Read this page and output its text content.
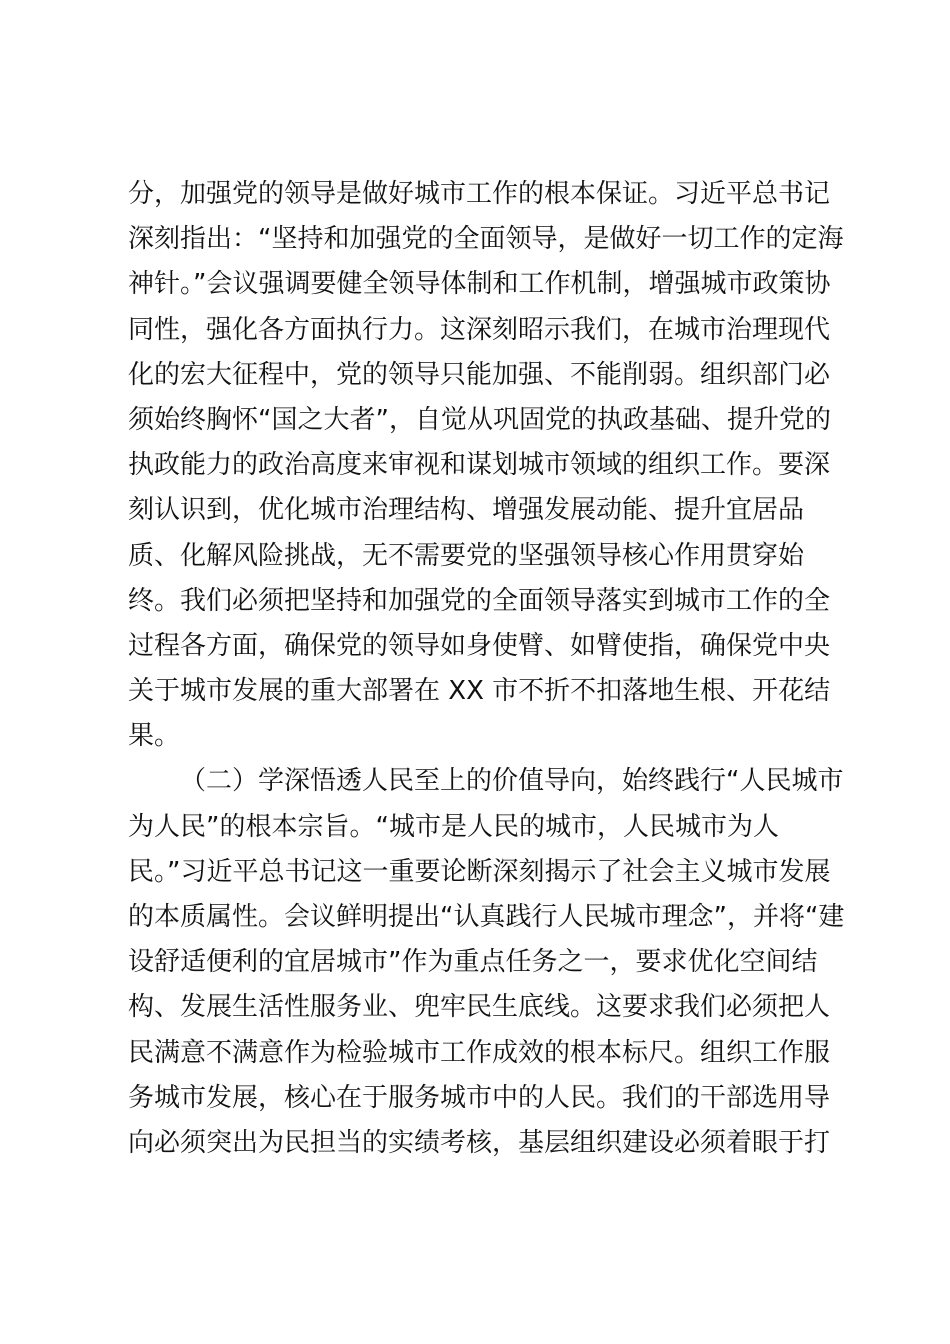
分，加强党的领导是做好城市工作的根本保证。习近平总书记
深刻指出：“坚持和加强党的全面领导，是做好一切工作的定海
神针。”会议强调要健全领导体制和工作机制，增强城市政策协
同性，强化各方面执行力。这深刻昭示我们，在城市治理现代
化的宏大征程中，党的领导只能加强、不能削弱。组织部门必
须始终胸怀“国之大者”，自觉从巩固党的执政基础、提升党的
执政能力的政治高度来审视和谋划城市领域的组织工作。要深
刻认识到，优化城市治理结构、增强发展动能、提升宜居品
质、化解风险挑战，无不需要党的坚强领导核心作用贯穿始
终。我们必须把坚持和加强党的全面领导落实到城市工作的全
过程各方面，确保党的领导如身使臂、如臂使指，确保党中央
关于城市发展的重大部署在 XX 市不折不扣落地生根、开花结
果。
（二）学深悟透人民至上的价值导向，始终践行“人民城市
为人民”的根本宗旨。“城市是人民的城市，人民城市为人
民。”习近平总书记这一重要论断深刻揭示了社会主义城市发展
的本质属性。会议鲜明提出“认真践行人民城市理念”，并将“建
设舒适便利的宜居城市”作为重点任务之一，要求优化空间结
构、发展生活性服务业、兜牢民生底线。这要求我们必须把人
民满意不满意作为检验城市工作成效的根本标尺。组织工作服
务城市发展，核心在于服务城市中的人民。我们的干部选用导
向必须突出为民担当的实绩考核，基层组织建设必须着眼于打
